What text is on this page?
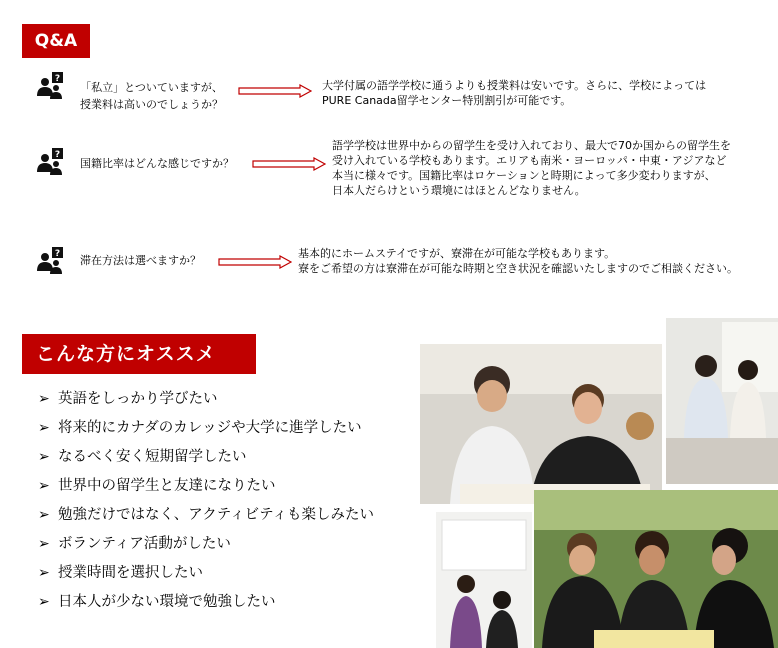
Q&A
?
「私立」とついていますが、
授業料は高いのでしょうか？
大学付属の語学学校に通うよりも授業料は安いです。さらに、学校によっては
PURE Canada留学センター特別割引が可能です。
?
国籍比率はどんな感じですか？
語学学校は世界中からの留学生を受け入れており、最大で70か国からの留学生を
受け入れている学校もあります。エリアも南米・ヨーロッパ・中東・アジアなど
本当に様々です。国籍比率はロケーションと時期によって多少変わりますが、
日本人だらけという環境にはほとんどなりません。
? 滞在方法は選べますか？
基本的にホームステイですが、寮滞在が可能な学校もあります。
寮をご希望の方は寮滞在が可能な時期と空き状況を確認いたしますのでご相談ください。
こんな方にオススメ
➢ 英語をしっかり学びたい
➢ 将来的にカナダのカレッジや大学に進学したい
➢ なるべく安く短期留学したい
➢ 世界中の留学生と友達になりたい
➢ 勉強だけではなく、アクティビティも楽しみたい
➢ ボランティア活動がしたい
➢ 授業時間を選択したい
➢ 日本人が少ない環境で勉強したい
